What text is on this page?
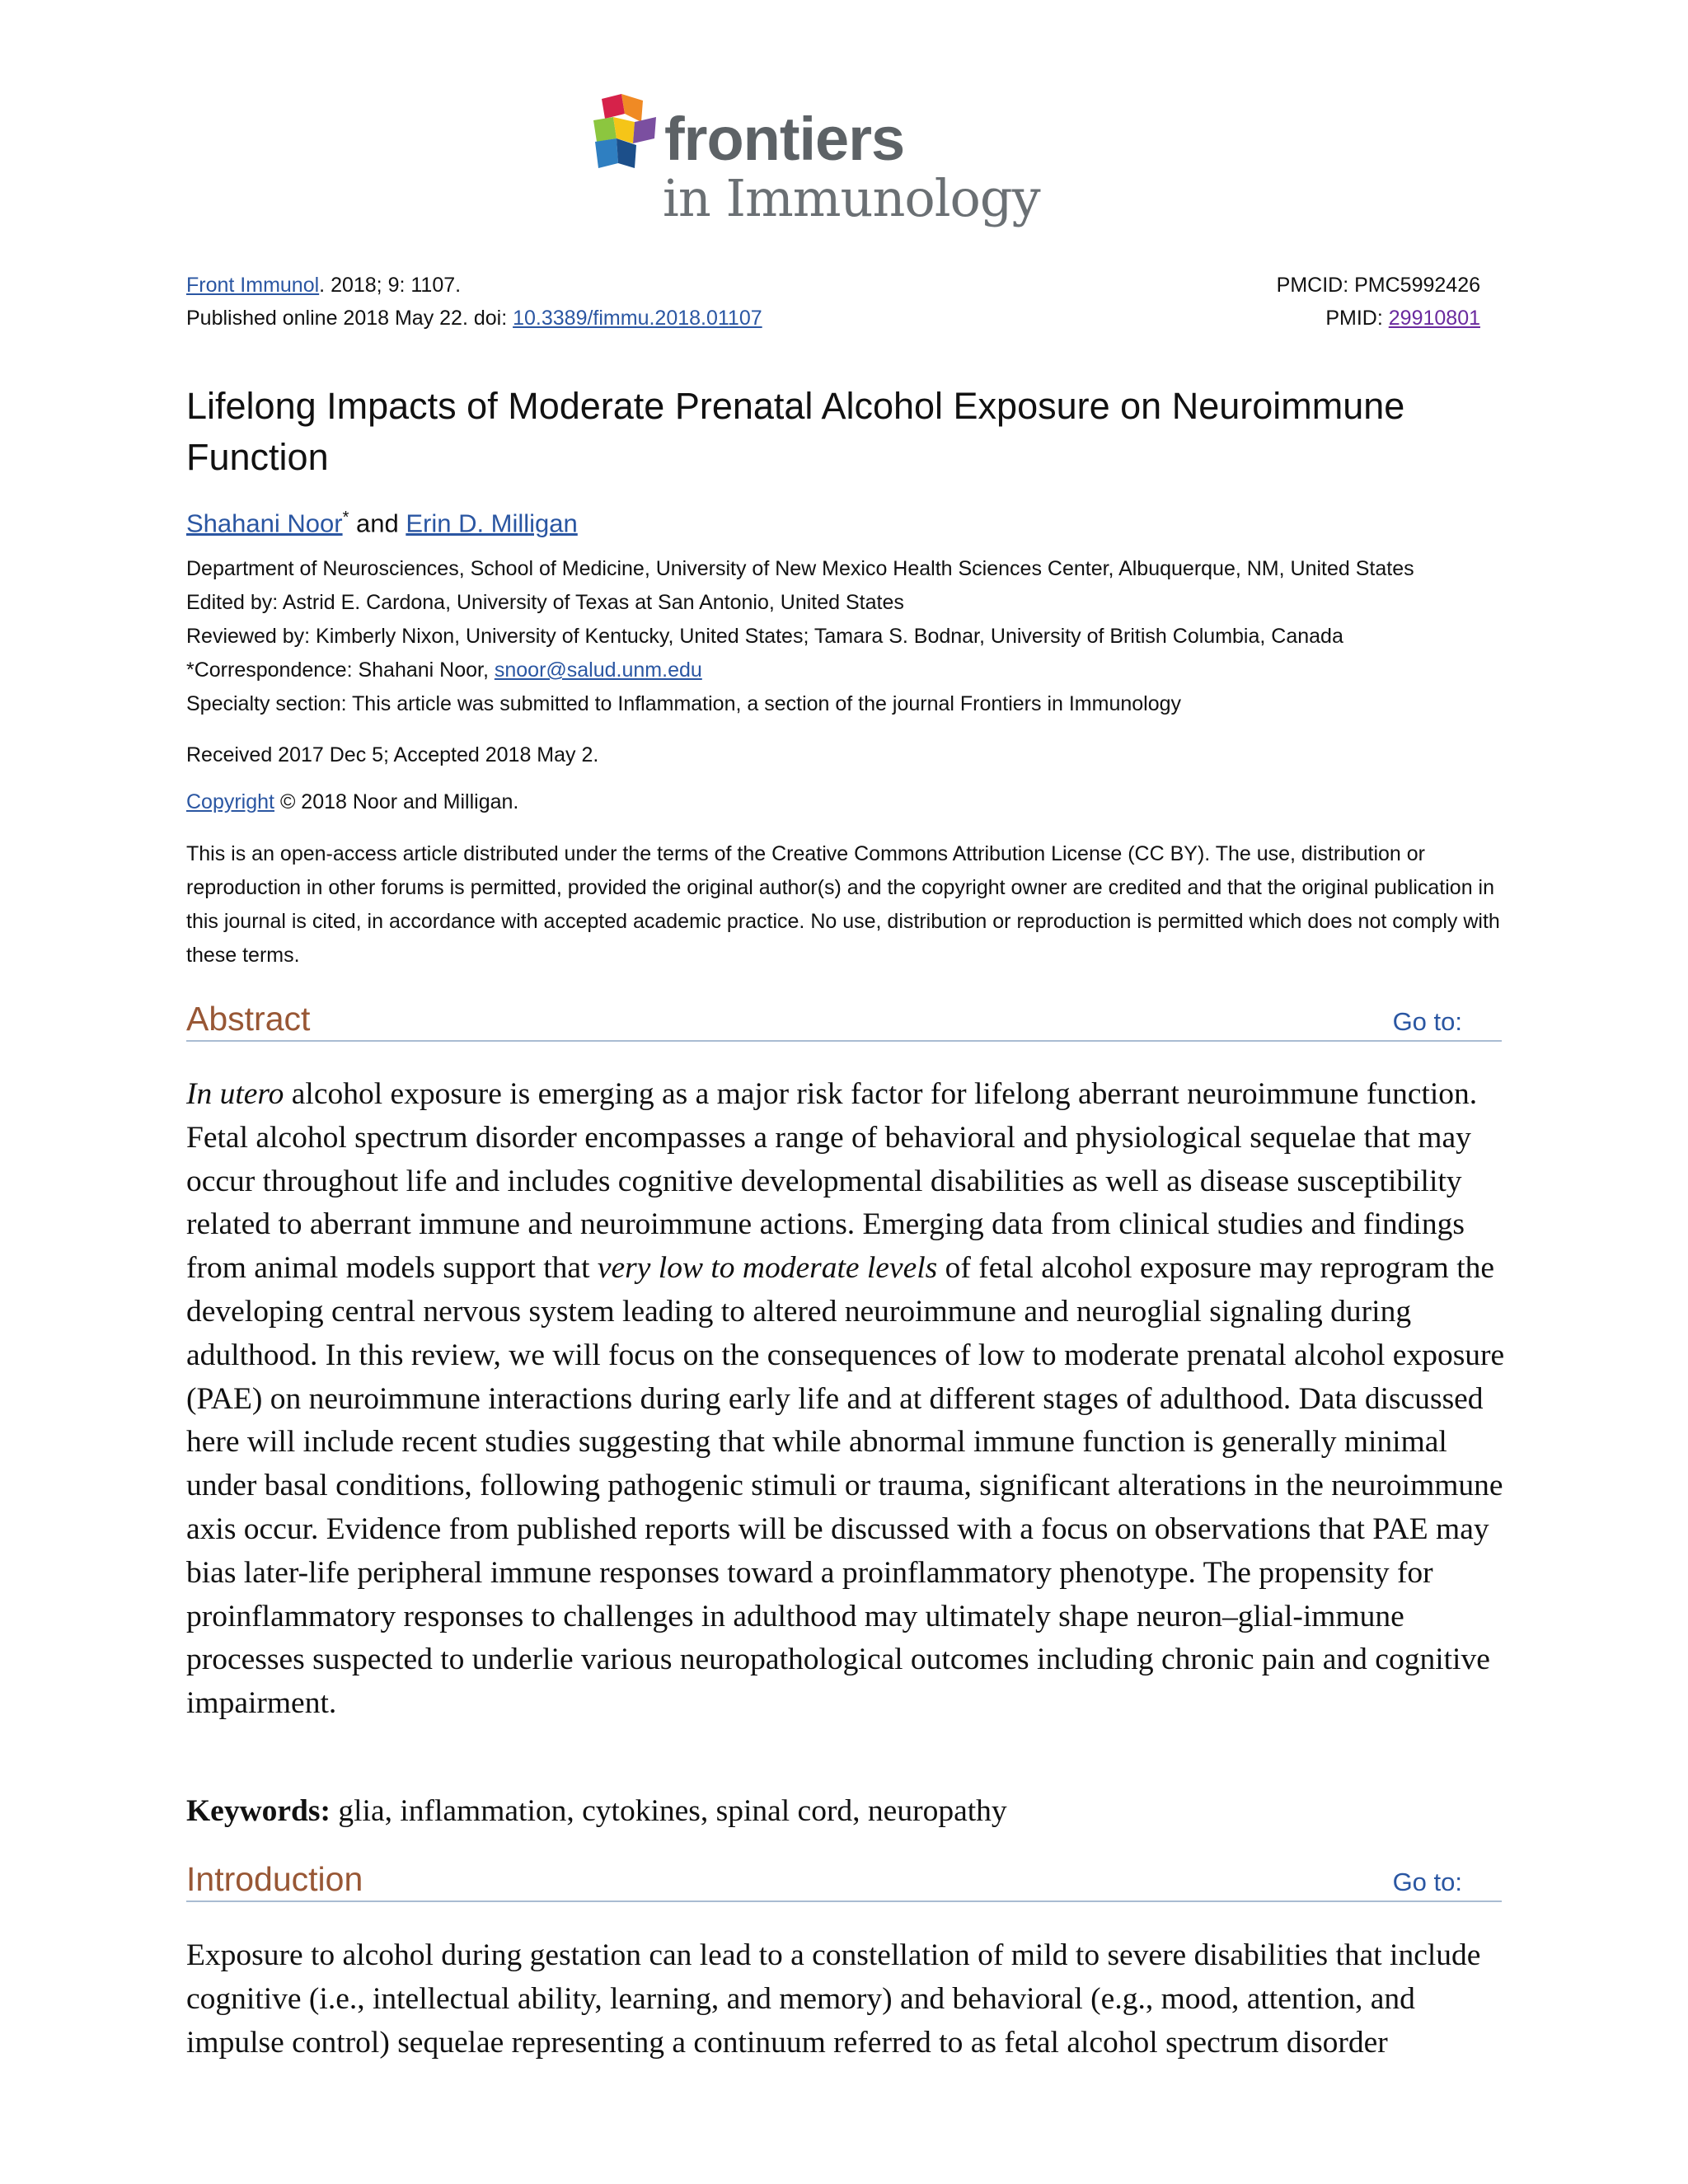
frontiers
in Immunology
Front Immunol. 2018; 9: 1107.	PMCID: PMC5992426
Published online 2018 May 22. doi: 10.3389/fimmu.2018.01107	PMID: 29910801
Lifelong Impacts of Moderate Prenatal Alcohol Exposure on Neuroimmune Function
Shahani Noor* and Erin D. Milligan
Department of Neurosciences, School of Medicine, University of New Mexico Health Sciences Center, Albuquerque, NM, United States
Edited by: Astrid E. Cardona, University of Texas at San Antonio, United States
Reviewed by: Kimberly Nixon, University of Kentucky, United States; Tamara S. Bodnar, University of British Columbia, Canada
*Correspondence: Shahani Noor, snoor@salud.unm.edu
Specialty section: This article was submitted to Inflammation, a section of the journal Frontiers in Immunology
Received 2017 Dec 5; Accepted 2018 May 2.
Copyright © 2018 Noor and Milligan.
This is an open-access article distributed under the terms of the Creative Commons Attribution License (CC BY). The use, distribution or reproduction in other forums is permitted, provided the original author(s) and the copyright owner are credited and that the original publication in this journal is cited, in accordance with accepted academic practice. No use, distribution or reproduction is permitted which does not comply with these terms.
Abstract	Go to:

In utero alcohol exposure is emerging as a major risk factor for lifelong aberrant neuroimmune function. Fetal alcohol spectrum disorder encompasses a range of behavioral and physiological sequelae that may occur throughout life and includes cognitive developmental disabilities as well as disease susceptibility related to aberrant immune and neuroimmune actions. Emerging data from clinical studies and findings from animal models support that very low to moderate levels of fetal alcohol exposure may reprogram the developing central nervous system leading to altered neuroimmune and neuroglial signaling during adulthood. In this review, we will focus on the consequences of low to moderate prenatal alcohol exposure (PAE) on neuroimmune interactions during early life and at different stages of adulthood. Data discussed here will include recent studies suggesting that while abnormal immune function is generally minimal under basal conditions, following pathogenic stimuli or trauma, significant alterations in the neuroimmune axis occur. Evidence from published reports will be discussed with a focus on observations that PAE may bias later-life peripheral immune responses toward a proinflammatory phenotype. The propensity for proinflammatory responses to challenges in adulthood may ultimately shape neuron–glial-immune processes suspected to underlie various neuropathological outcomes including chronic pain and cognitive impairment.

Keywords: glia, inflammation, cytokines, spinal cord, neuropathy
Introduction	Go to:

Exposure to alcohol during gestation can lead to a constellation of mild to severe disabilities that include cognitive (i.e., intellectual ability, learning, and memory) and behavioral (e.g., mood, attention, and impulse control) sequelae representing a continuum referred to as fetal alcohol spectrum disorder
